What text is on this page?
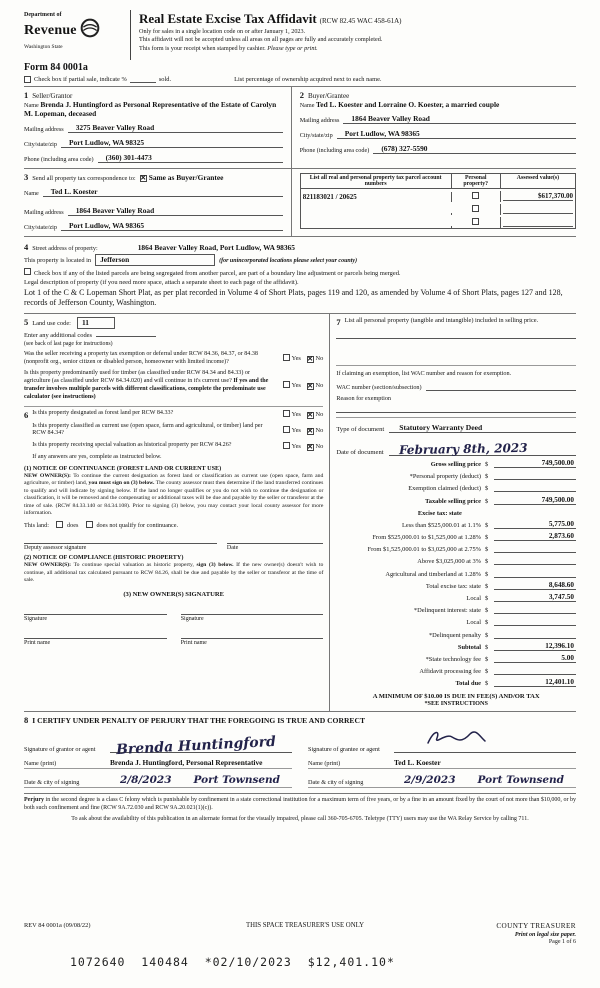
Department of
Revenue
Washington State
Real Estate Excise Tax Affidavit (RCW 82.45 WAC 458-61A)
Only for sales in a single location code on or after January 1, 2023.
This affidavit will not be accepted unless all areas on all pages are fully and accurately completed.
This form is your receipt when stamped by cashier. Please type or print.
Form 84 0001a
Check box if partial sale, indicate %	sold.	List percentage of ownership acquired next to each name.
1 Seller/Grantor
Name Brenda J. Huntingford as Personal Representative of the Estate of Carolyn M. Lopeman, deceased
Mailing address	3275 Beaver Valley Road
City/state/zip	Port Ludlow, WA 98325
Phone (including area code)	(360) 301-4473
2 Buyer/Grantee
Name Ted L. Koester and Lorraine O. Koester, a married couple
Mailing address	1864 Beaver Valley Road
City/state/zip	Port Ludlow, WA 98365
Phone (including area code)	(678) 327-5590
3 Send all property tax correspondence to: ✕ Same as Buyer/Grantee
Name	Ted L. Koester
Mailing address	1864 Beaver Valley Road
City/state/zip	Port Ludlow, WA 98365
List all real and personal property tax parcel account numbers
Personal property?
Assessed value(s)
821183021 / 20625	$617,370.00
4 Street address of property:	1864 Beaver Valley Road, Port Ludlow, WA 98365
This property is located in	Jefferson	(for unincorporated locations please select your county)
Check box if any of the listed parcels are being segregated from another parcel, are part of a boundary line adjustment or parcels being merged.
Legal description of property (if you need more space, attach a separate sheet to each page of the affidavit).
Lot 1 of the C & C Lopeman Short Plat, as per plat recorded in Volume 4 of Short Plats, pages 119 and 120, as amended by Volume 4 of Short Plats, pages 127 and 128, records of Jefferson County, Washington.
5 Land use code:	11
Enter any additional codes
(see back of last page for instructions)
Was the seller receiving a property tax exemption or deferral under RCW 84.36, 84.37, or 84.38 (nonprofit org., senior citizen or disabled person, homeowner with limited income)?	Yes ✕ No
Is this property predominantly used for timber (as classified under RCW 84.34 and 84.33) or agriculture (as classified under RCW 84.34.020) and will continue in it's current use? If yes and the transfer involves multiple parcels with different classifications, complete the predominate use calculator (see instructions)
Yes ✕ No
6 Is this property designated as forest land per RCW 84.33?	Yes ✕ No
Is this property classified as current use (open space, farm and agricultural, or timber) land per RCW 84.34?	Yes ✕ No
Is this property receiving special valuation as historical property per RCW 84.26?	Yes ✕ No
If any answers are yes, complete as instructed below.
(1) NOTICE OF CONTINUANCE (FOREST LAND OR CURRENT USE)
NEW OWNER(S): To continue the current designation as forest land or classification as current use (open space, farm and agriculture, or timber) land, you must sign on (3) below. The county assessor must then determine if the land transferred continues to qualify and will indicate by signing below. If the land no longer qualifies or you do not wish to continue the designation or classification, it will be removed and the compensating or additional taxes will be due and payable by the seller or transferor at the time of sale. (RCW 84.33.140 or 84.34.108). Prior to signing (3) below, you may contact your local county assessor for more information.
This land:	does	does not qualify for continuance.
Deputy assessor signature	Date
(2) NOTICE OF COMPLIANCE (HISTORIC PROPERTY)
NEW OWNER(S): To continue special valuation as historic property, sign (3) below. If the new owner(s) doesn't wish to continue, all additional tax calculated pursuant to RCW 84.26, shall be due and payable by the seller or transferor at the time of sale.
(3) NEW OWNER(S) SIGNATURE
Signature	Signature
Print name	Print name
7 List all personal property (tangible and intangible) included in selling price.
If claiming an exemption, list WAC number and reason for exemption.
WAC number (section/subsection)
Reason for exemption
Type of document	Statutory Warranty Deed
Date of document	February 8th, 2023
Gross selling price $	749,500.00
*Personal property (deduct) $
Exemption claimed (deduct) $
Taxable selling price $	749,500.00
Excise tax: state
Less than $525,000.01 at 1.1% $	5,775.00
From $525,000.01 to $1,525,000 at 1.28% $	2,873.60
From $1,525,000.01 to $3,025,000 at 2.75% $
Above $3,025,000 at 3% $
Agricultural and timberland at 1.28% $
Total excise tax: state $	8,648.60
Local $	3,747.50
*Delinquent interest: state $
Local $
*Delinquent penalty $
Subtotal $	12,396.10
*State technology fee $	5.00
Affidavit processing fee $
Total due $	12,401.10
A MINIMUM OF $10.00 IS DUE IN FEE(S) AND/OR TAX
*SEE INSTRUCTIONS
8 I CERTIFY UNDER PENALTY OF PERJURY THAT THE FOREGOING IS TRUE AND CORRECT
Signature of grantor or agent	Brenda Huntingford
Name (print)	Brenda J. Huntingford, Personal Representative
Date & city of signing	2/8/2023 Port Townsend
Signature of grantee or agent
Name (print)	Ted L. Koester
Date & city of signing	2/9/2023 Port Townsend
Perjury in the second degree is a class C felony which is punishable by confinement in a state correctional institution for a maximum term of five years, or by a fine in an amount fixed by the court of not more than $10,000, or by both such confinement and fine (RCW 9A.72.030 and RCW 9A.20.021(1)(c)).
To ask about the availability of this publication in an alternate format for the visually impaired, please call 360-705-6705. Teletype (TTY) users may use the WA Relay Service by calling 711.
REV 84 0001a (09/08/22)	THIS SPACE TREASURER'S USE ONLY	COUNTY TREASURER
Print on legal size paper.
Page 1 of 6
1072640  140484  *02/10/2023  $12,401.10*
